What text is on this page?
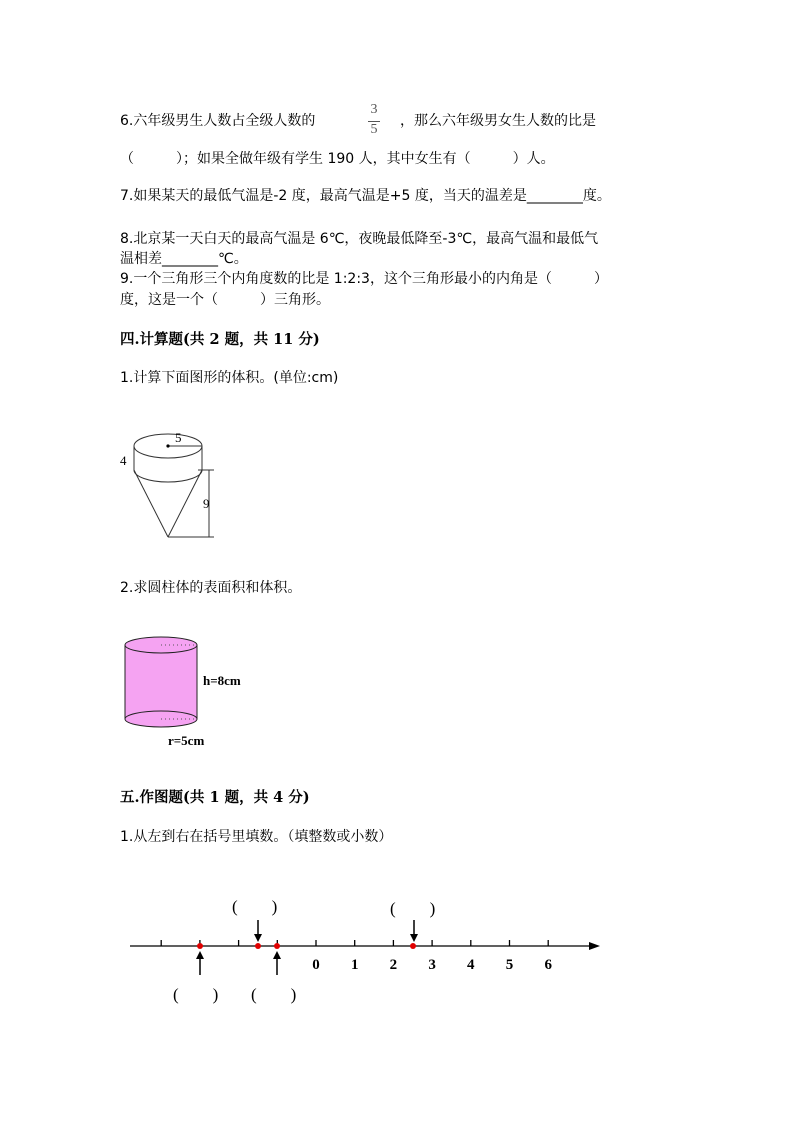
6.六年级男生人数占全级人数的
3
5
，那么六年级男女生人数的比是
（　　　）；如果全做年级有学生 190 人，其中女生有（　　　）人。
7.如果某天的最低气温是-2 度，最高气温是+5 度，当天的温差是________度。
8.北京某一天白天的最高气温是 6℃，夜晚最低降至-3℃，最高气温和最低气
温相差________℃。
9.一个三角形三个内角度数的比是 1:2:3，这个三角形最小的内角是（　　　）
度，这是一个（　　　）三角形。
四.计算题(共 2 题，共 11 分)
1.计算下面图形的体积。(单位:cm)
5
4
9
2.求圆柱体的表面积和体积。
h=8cm
r=5cm
五.作图题(共 1 题，共 4 分)
1.从左到右在括号里填数。（填整数或小数）
0 1 2 3 4 5 6
(　　)	(　　)
(　　) (　　)
